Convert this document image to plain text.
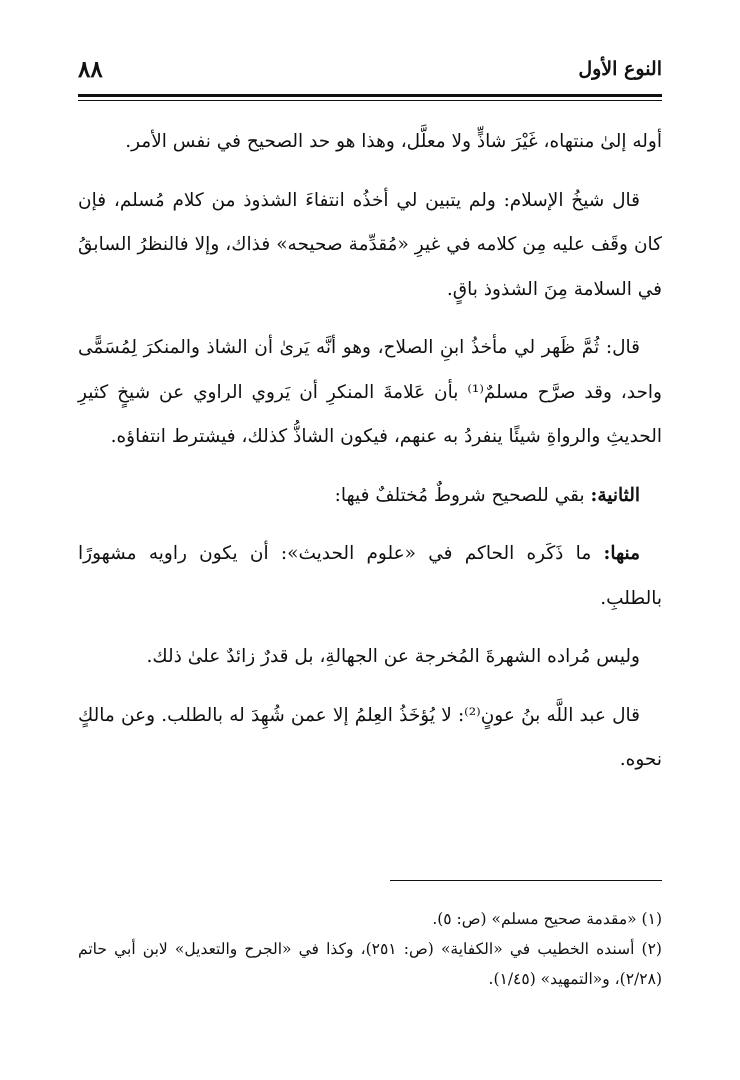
النوع الأول
٨٨

أوله إلىٰ منتهاه، غَيْرَ شاذٍّ ولا معلَّل، وهذا هو حد الصحيح في نفس الأمر.

قال شيخُ الإسلام: ولم يتبين لي أخذُه انتفاءَ الشذوذ من كلام مُسلم، فإن كان وقَف عليه مِن كلامه في غيرِ «مُقدِّمة صحيحه» فذاك، وإلا فالنظرُ السابقُ في السلامة مِنَ الشذوذ باقٍ.

قال: ثُمَّ ظَهر لي مأخذُ ابنِ الصلاح، وهو أنَّه يَرىٰ أن الشاذ والمنكرَ لِمُسَمًّى واحد، وقد صرَّح مسلمٌ⁽¹⁾ بأن عَلامةَ المنكرِ أن يَروي الراوي عن شيخٍ كثيرِ الحديثِ والرواةِ شيئًا ينفردُ به عنهم، فيكون الشاذُّ كذلك، فيشترط انتفاؤه.

الثانية: بقي للصحيح شروطٌ مُختلفٌ فيها:

منها: ما ذَكَره الحاكم في «علوم الحديث»: أن يكون راويه مشهورًا بالطلبِ.

وليس مُراده الشهرةَ المُخرجة عن الجهالةِ، بل قدرٌ زائدٌ علىٰ ذلك.

قال عبد اللَّه بنُ عونٍ⁽²⁾: لا يُؤخَذُ العِلمُ إلا عمن شُهِدَ له بالطلب. وعن مالكٍ نحوه.

(١) «مقدمة صحيح مسلم» (ص: ٥).

(٢) أسنده الخطيب في «الكفاية» (ص: ٢٥١)، وكذا في «الجرح والتعديل» لابن أبي حاتم (٢/٢٨)، و«التمهيد» (١/٤٥).
